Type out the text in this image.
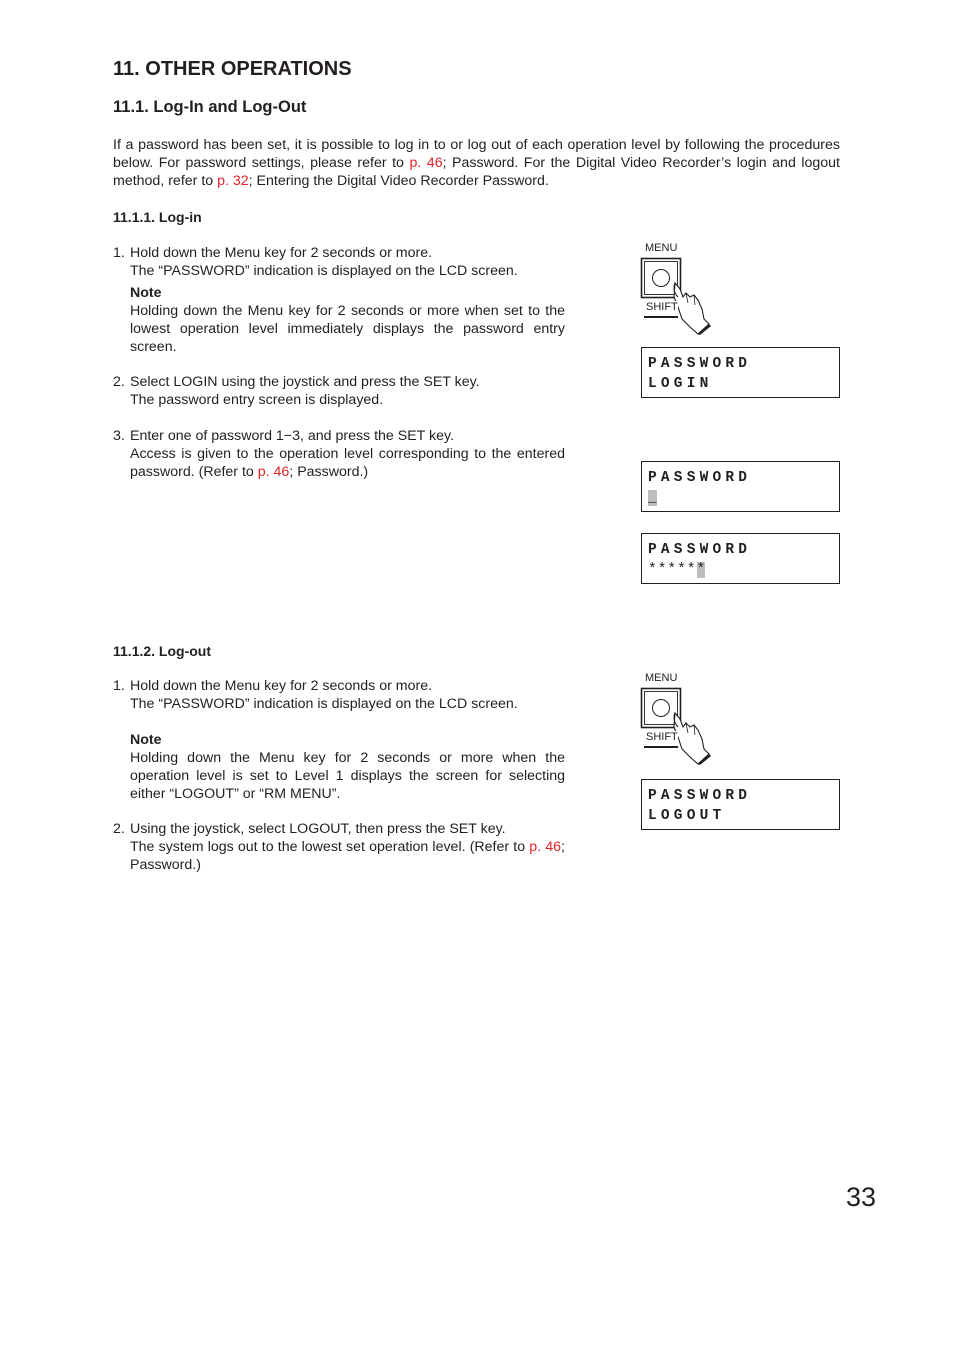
11. OTHER OPERATIONS
11.1. Log-In and Log-Out
If a password has been set, it is possible to log in to or log out of each operation level by following the procedures below. For password settings, please refer to p. 46; Password. For the Digital Video Recorder’s login and logout method, refer to p. 32; Entering the Digital Video Recorder Password.
11.1.1. Log-in
1. Hold down the Menu key for 2 seconds or more.

The “PASSWORD” indication is displayed on the LCD screen.

Note

Holding down the Menu key for 2 seconds or more when set to the lowest operation level immediately displays the password entry screen.

2. Select LOGIN using the joystick and press the SET key.

The password entry screen is displayed.

3. Enter one of password 1−3, and press the SET key.

Access is given to the operation level corresponding to the entered password. (Refer to p. 46; Password.)

11.1.2. Log-out
1. Hold down the Menu key for 2 seconds or more.

The “PASSWORD” indication is displayed on the LCD screen.

Note

Holding down the Menu key for 2 seconds or more when the operation level is set to Level 1 displays the screen for selecting either “LOGOUT” or “RM MENU”.

2. Using the joystick, select LOGOUT, then press the SET key.

The system logs out to the lowest set operation level. (Refer to p. 46; Password.)

MENU
SHIFT
PASSWORD
LOGIN
PASSWORD
_
PASSWORD
******
MENU
SHIFT
PASSWORD
LOGOUT
33
